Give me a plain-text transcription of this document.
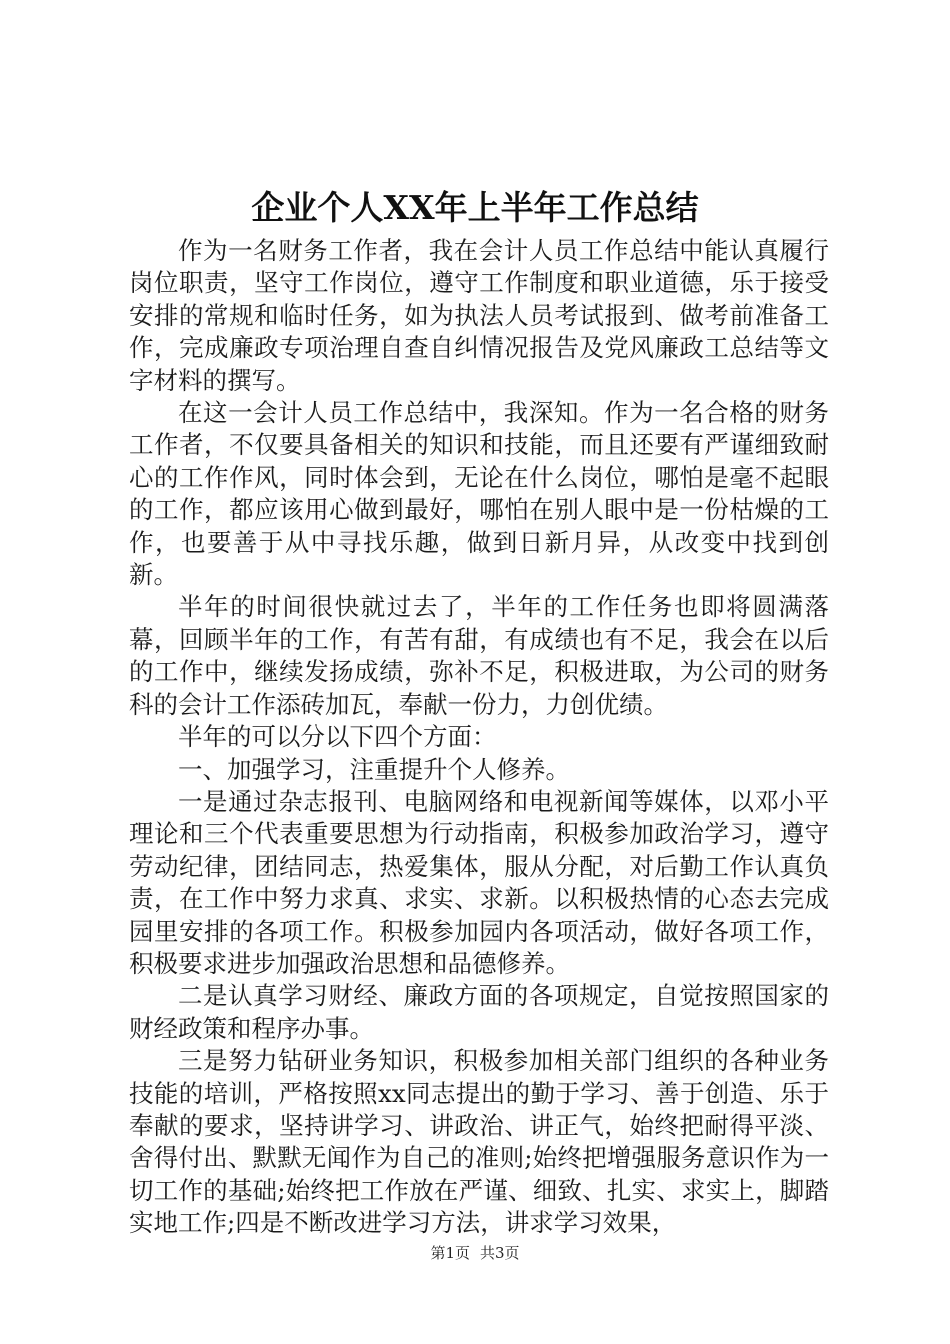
企业个人XX年上半年工作总结

作为一名财务工作者，我在会计人员工作总结中能认真履行岗位职责，坚守工作岗位，遵守工作制度和职业道德，乐于接受安排的常规和临时任务，如为执法人员考试报到、做考前准备工作，完成廉政专项治理自查自纠情况报告及党风廉政工总结等文字材料的撰写。

在这一会计人员工作总结中，我深知。作为一名合格的财务工作者，不仅要具备相关的知识和技能，而且还要有严谨细致耐心的工作作风，同时体会到，无论在什么岗位，哪怕是毫不起眼的工作，都应该用心做到最好，哪怕在别人眼中是一份枯燥的工作，也要善于从中寻找乐趣，做到日新月异，从改变中找到创新。

半年的时间很快就过去了，半年的工作任务也即将圆满落幕，回顾半年的工作，有苦有甜，有成绩也有不足，我会在以后的工作中，继续发扬成绩，弥补不足，积极进取，为公司的财务科的会计工作添砖加瓦，奉献一份力，力创优绩。

半年的可以分以下四个方面：

一、加强学习，注重提升个人修养。

一是通过杂志报刊、电脑网络和电视新闻等媒体，以邓小平理论和三个代表重要思想为行动指南，积极参加政治学习，遵守劳动纪律，团结同志，热爱集体，服从分配，对后勤工作认真负责，在工作中努力求真、求实、求新。以积极热情的心态去完成园里安排的各项工作。积极参加园内各项活动，做好各项工作，积极要求进步加强政治思想和品德修养。

二是认真学习财经、廉政方面的各项规定，自觉按照国家的财经政策和程序办事。

三是努力钻研业务知识，积极参加相关部门组织的各种业务技能的培训，严格按照xx同志提出的勤于学习、善于创造、乐于奉献的要求，坚持讲学习、讲政治、讲正气，始终把耐得平淡、舍得付出、默默无闻作为自己的准则;始终把增强服务意识作为一切工作的基础;始终把工作放在严谨、细致、扎实、求实上，脚踏实地工作;四是不断改进学习方法，讲求学习效果，

第1页 共3页
